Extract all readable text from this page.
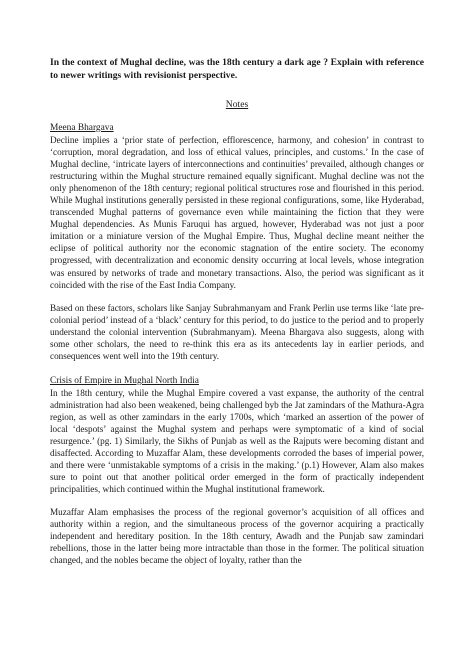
In the context of Mughal decline, was the 18th century a dark age ? Explain with reference to newer writings with revisionist perspective.

Notes

Meena Bhargava

Decline implies a ‘prior state of perfection, efflorescence, harmony, and cohesion’ in contrast to ‘corruption, moral degradation, and loss of ethical values, principles, and customs.’ In the case of Mughal decline, ‘intricate layers of interconnections and continuities’ prevailed, although changes or restructuring within the Mughal structure remained equally significant. Mughal decline was not the only phenomenon of the 18th century; regional political structures rose and flourished in this period. While Mughal institutions generally persisted in these regional configurations, some, like Hyderabad, transcended Mughal patterns of governance even while maintaining the fiction that they were Mughal dependencies. As Munis Faruqui has argued, however, Hyderabad was not just a poor imitation or a miniature version of the Mughal Empire. Thus, Mughal decline meant neither the eclipse of political authority nor the economic stagnation of the entire society. The economy progressed, with decentralization and economic density occurring at local levels, whose integration was ensured by networks of trade and monetary transactions. Also, the period was significant as it coincided with the rise of the East India Company.

Based on these factors, scholars like Sanjay Subrahmanyam and Frank Perlin use terms like ‘late pre-colonial period’ instead of a ‘black’ century for this period, to do justice to the period and to properly understand the colonial intervention (Subrahmanyam). Meena Bhargava also suggests, along with some other scholars, the need to re-think this era as its antecedents lay in earlier periods, and consequences went well into the 19th century.

Crisis of Empire in Mughal North India

In the 18th century, while the Mughal Empire covered a vast expanse, the authority of the central administration had also been weakened, being challenged byb the Jat zamindars of the Mathura-Agra region, as well as other zamindars in the early 1700s, which ‘marked an assertion of the power of local ‘despots’ against the Mughal system and perhaps were symptomatic of a kind of social resurgence.’ (pg. 1) Similarly, the Sikhs of Punjab as well as the Rajputs were becoming distant and disaffected. According to Muzaffar Alam, these developments corroded the bases of imperial power, and there were ‘unmistakable symptoms of a crisis in the making.’ (p.1) However, Alam also makes sure to point out that another political order emerged in the form of practically independent principalities, which continued within the Mughal institutional framework.

Muzaffar Alam emphasises the process of the regional governor’s acquisition of all offices and authority within a region, and the simultaneous process of the governor acquiring a practically independent and hereditary position. In the 18th century, Awadh and the Punjab saw zamindari rebellions, those in the latter being more intractable than those in the former. The political situation changed, and the nobles became the object of loyalty, rather than the
